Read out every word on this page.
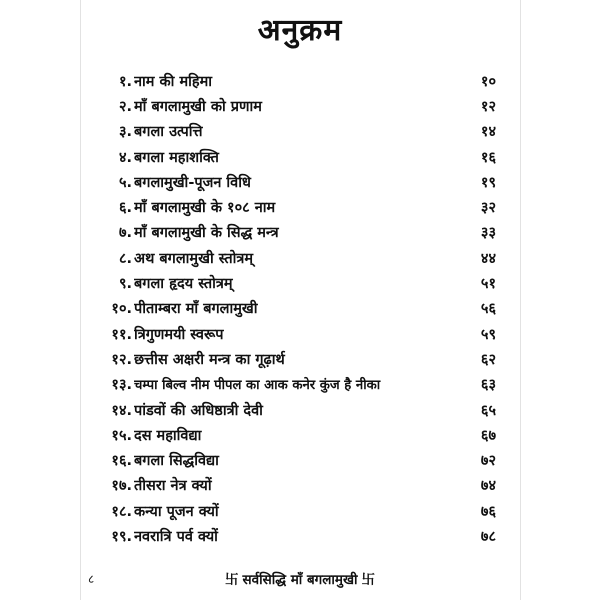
अनुक्रम
१. नाम की महिमा	१०
२. माँ बगलामुखी को प्रणाम	१२
३. बगला उत्पत्ति	१४
४. बगला महाशक्ति	१६
५. बगलामुखी-पूजन विधि	१९
६. माँ बगलामुखी के १०८ नाम	३२
७. माँ बगलामुखी के सिद्ध मन्त्र	३३
८. अथ बगलामुखी स्तोत्रम्	४४
९. बगला हृदय स्तोत्रम्	५१
१०. पीताम्बरा माँ बगलामुखी	५६
११. त्रिगुणमयी स्वरूप	५९
१२. छत्तीस अक्षरी मन्त्र का गूढ़ार्थ	६२
१३. चम्पा बिल्व नीम पीपल का आक कनेर कुंज है नीका	६३
१४. पांडवों की अधिष्ठात्री देवी	६५
१५. दस महाविद्या	६७
१६. बगला सिद्धविद्या	७२
१७. तीसरा नेत्र क्यों	७४
१८. कन्या पूजन क्यों	७६
१९. नवरात्रि पर्व क्यों	७८
८	卐 सर्वसिद्धि माँ बगलामुखी 卐
